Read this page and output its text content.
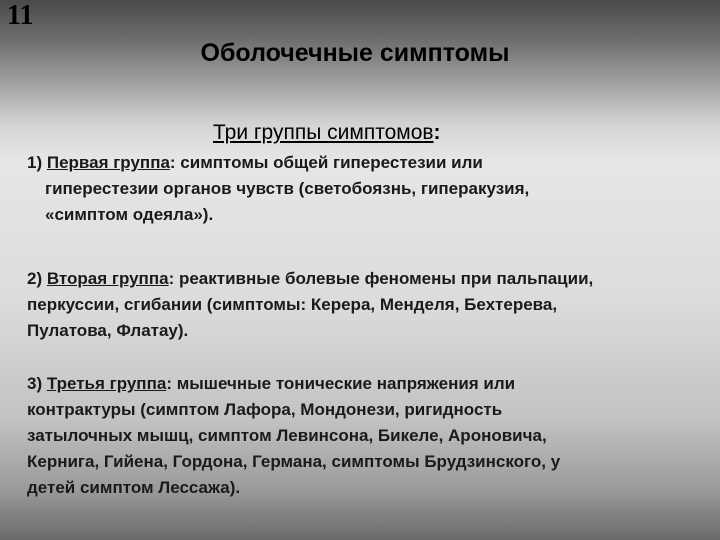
11
Оболочечные симптомы
Три группы симптомов:
1) Первая группа: симптомы общей гиперестезии или
гиперестезии органов чувств (светобоязнь, гиперакузия,
«симптом одеяла»).
2) Вторая группа: реактивные болевые феномены при пальпации,
перкуссии, сгибании (симптомы: Керера, Менделя, Бехтерева,
Пулатова, Флатау).
3) Третья группа: мышечные тонические напряжения или
контрактуры (симптом Лафора, Мондонези, ригидность
затылочных мышц, симптом Левинсона, Бикеле, Ароновича,
Кернига, Гийена, Гордона, Германа, симптомы Брудзинского, у
детей симптом Лессажа).
